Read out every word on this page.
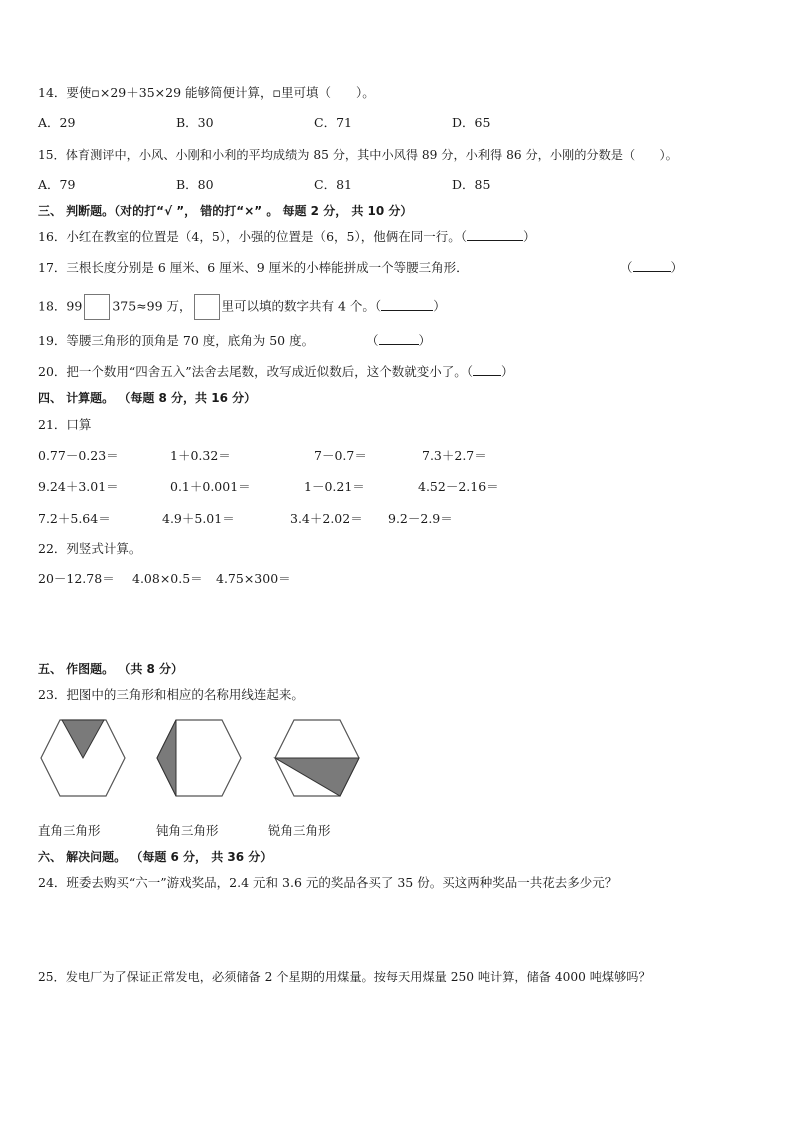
14．要使▫×29＋35×29 能够简便计算，▫里可填（　　）。
A．29	B．30	C．71	D．65
15．体育测评中，小风、小刚和小利的平均成绩为 85 分，其中小风得 89 分，小利得 86 分，小刚的分数是（　　）。
A．79	B．80	C．81	D．85
三、 判断题。（对的打“√ ”， 错的打“×” 。 每题 2 分， 共 10 分）
16．小红在教室的位置是（4，5），小强的位置是（6，5），他俩在同一行。（	）
17．三根长度分别是 6 厘米、6 厘米、9 厘米的小棒能拼成一个等腰三角形．	（	）
18．99 375≈99 万， 里可以填的数字共有 4 个。（	）
19．等腰三角形的顶角是 70 度，底角为 50 度。	（	）
20．把一个数用“四舍五入”法舍去尾数，改写成近似数后，这个数就变小了。（ ）
四、 计算题。 （每题 8 分，共 16 分）
21．口算
0.77－0.23＝	1＋0.32＝	7－0.7＝	7.3＋2.7＝
9.24＋3.01＝	0.1＋0.001＝	1－0.21＝	4.52－2.16＝
7.2＋5.64＝	4.9＋5.01＝	3.4＋2.02＝ 9.2－2.9＝
22．列竖式计算。
20－12.78＝ 4.08×0.5＝ 4.75×300＝
五、 作图题。 （共 8 分）
23．把图中的三角形和相应的名称用线连起来。
直角三角形	钝角三角形	锐角三角形
六、 解决问题。 （每题 6 分， 共 36 分）
24．班委去购买“六一”游戏奖品，2.4 元和 3.6 元的奖品各买了 35 份。买这两种奖品一共花去多少元？
25．发电厂为了保证正常发电，必须储备 2 个星期的用煤量。按每天用煤量 250 吨计算，储备 4000 吨煤够吗？
